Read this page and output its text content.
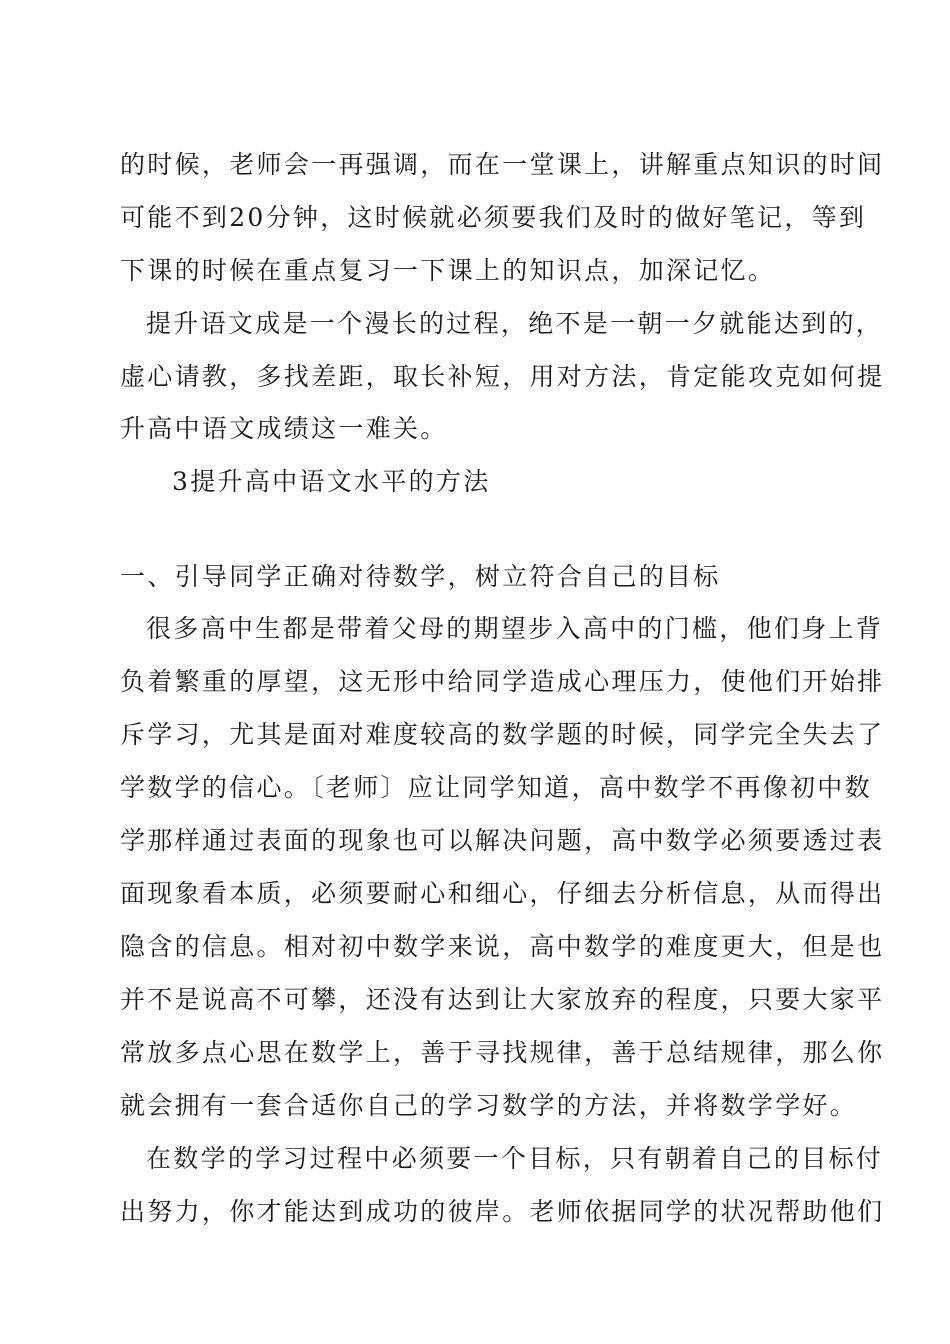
的时候，老师会一再强调，而在一堂课上，讲解重点知识的时间
可能不到20分钟，这时候就必须要我们及时的做好笔记，等到
下课的时候在重点复习一下课上的知识点，加深记忆。
提升语文成是一个漫长的过程，绝不是一朝一夕就能达到的，
虚心请教，多找差距，取长补短，用对方法，肯定能攻克如何提
升高中语文成绩这一难关。
3提升高中语文水平的方法
一、引导同学正确对待数学，树立符合自己的目标
很多高中生都是带着父母的期望步入高中的门槛，他们身上背
负着繁重的厚望，这无形中给同学造成心理压力，使他们开始排
斥学习，尤其是面对难度较高的数学题的时候，同学完全失去了
学数学的信心。〔老师〕应让同学知道，高中数学不再像初中数
学那样通过表面的现象也可以解决问题，高中数学必须要透过表
面现象看本质，必须要耐心和细心，仔细去分析信息，从而得出
隐含的信息。相对初中数学来说，高中数学的难度更大，但是也
并不是说高不可攀，还没有达到让大家放弃的程度，只要大家平
常放多点心思在数学上，善于寻找规律，善于总结规律，那么你
就会拥有一套合适你自己的学习数学的方法，并将数学学好。
在数学的学习过程中必须要一个目标，只有朝着自己的目标付
出努力，你才能达到成功的彼岸。老师依据同学的状况帮助他们
